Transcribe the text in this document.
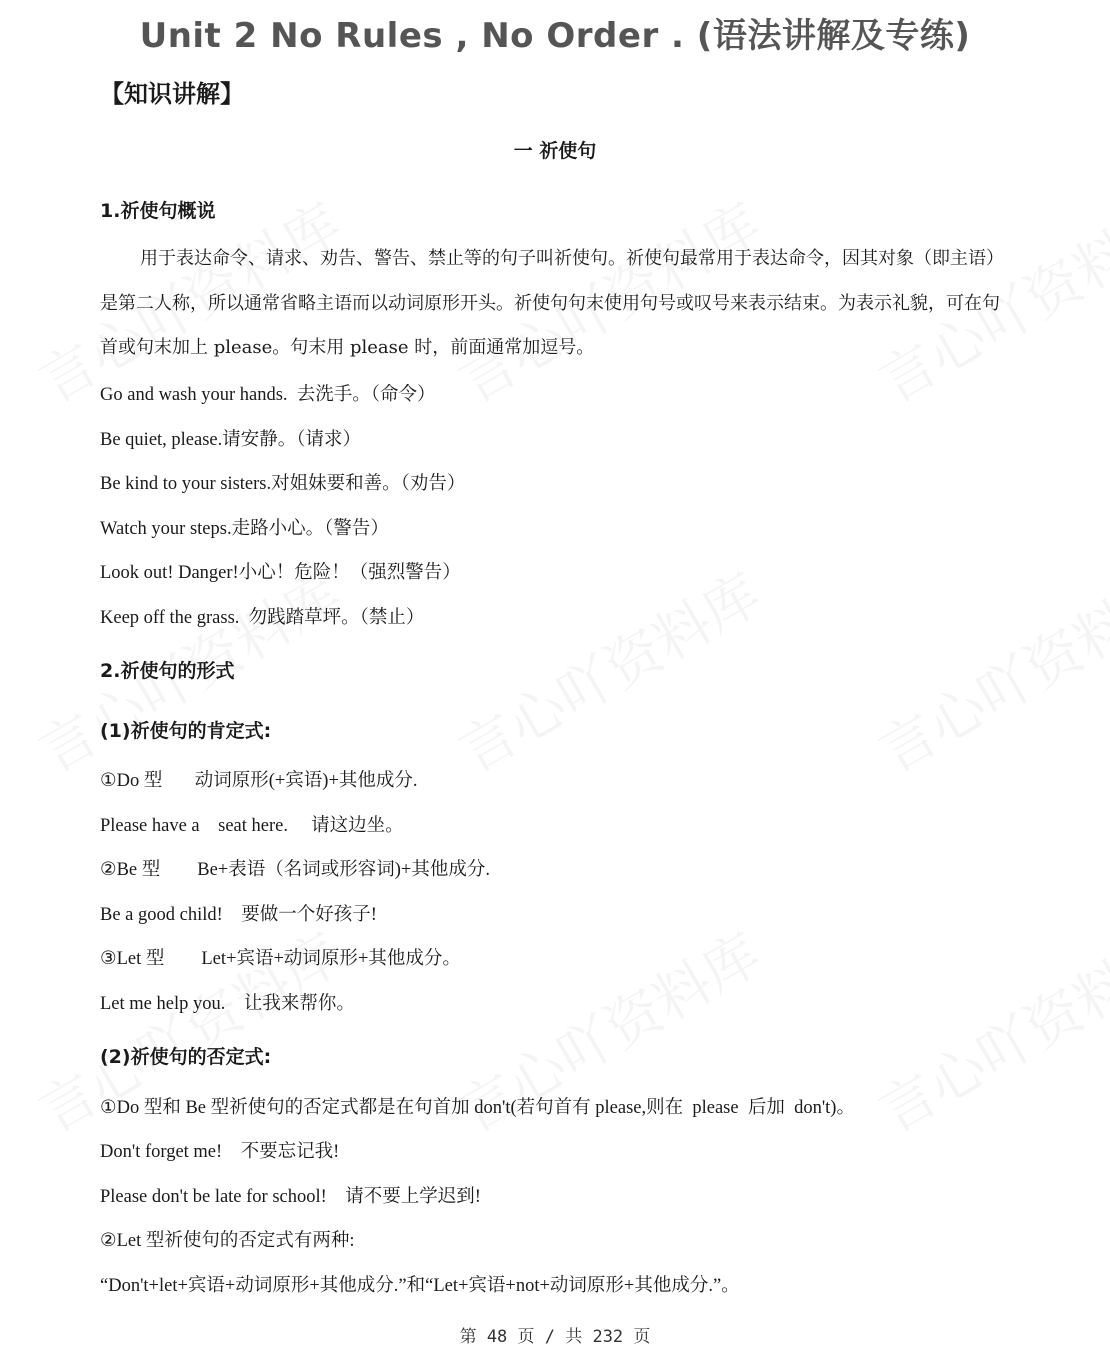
Unit 2 No Rules , No Order . (语法讲解及专练)
【知识讲解】
一 祈使句
1.祈使句概说
用于表达命令、请求、劝告、警告、禁止等的句子叫祈使句。祈使句最常用于表达命令，因其对象（即主语）是第二人称，所以通常省略主语而以动词原形开头。祈使句句末使用句号或叹号来表示结束。为表示礼貌，可在句首或句末加上 please。句末用 please 时，前面通常加逗号。
Go and wash your hands.  去洗手。（命令）
Be quiet, please.请安静。（请求）
Be kind to your sisters.对姐妹要和善。（劝告）
Watch your steps.走路小心。（警告）
Look out! Danger!小心！危险！（强烈警告）
Keep off the grass.  勿践踏草坪。（禁止）
2.祈使句的形式
(1)祈使句的肯定式:
①Do 型       动词原形(+宾语)+其他成分.
Please have a    seat here.     请这边坐。
②Be 型        Be+表语（名词或形容词)+其他成分.
Be a good child!    要做一个好孩子!
③Let 型        Let+宾语+动词原形+其他成分。
Let me help you.    让我来帮你。
(2)祈使句的否定式:
①Do 型和 Be 型祈使句的否定式都是在句首加 don't(若句首有 please,则在  please  后加  don't)。
Don't forget me!    不要忘记我!
Please don't be late for school!    请不要上学迟到!
②Let 型祈使句的否定式有两种:
“Don't+let+宾语+动词原形+其他成分.”和“Let+宾语+not+动词原形+其他成分.”。
第 48 页 / 共 232 页
